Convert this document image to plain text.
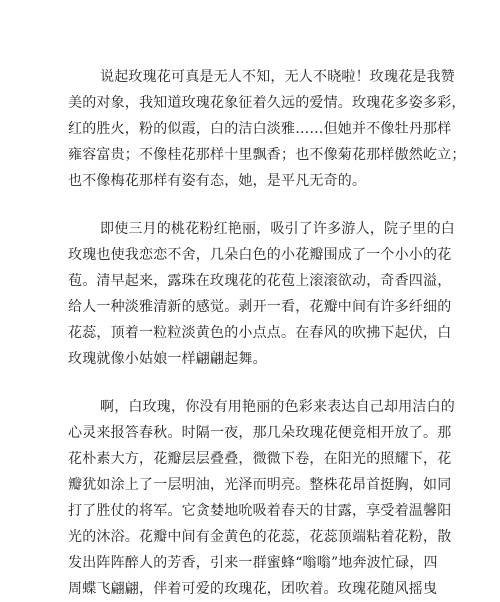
说起玫瑰花可真是无人不知，无人不晓啦！玫瑰花是我赞
美的对象，我知道玫瑰花象征着久远的爱情。玫瑰花多姿多彩，
红的胜火，粉的似霞，白的洁白淡雅……但她并不像牡丹那样
雍容富贵；不像桂花那样十里飘香；也不像菊花那样傲然屹立；
也不像梅花那样有姿有态，她，是平凡无奇的。
即使三月的桃花粉红艳丽，吸引了许多游人，院子里的白
玫瑰也使我恋恋不舍，几朵白色的小花瓣围成了一个小小的花
苞。清早起来，露珠在玫瑰花的花苞上滚滚欲动，奇香四溢，
给人一种淡雅清新的感觉。剥开一看，花瓣中间有许多纤细的
花蕊，顶着一粒粒淡黄色的小点点。在春风的吹拂下起伏，白
玫瑰就像小姑娘一样翩翩起舞。
啊，白玫瑰，你没有用艳丽的色彩来表达自己却用洁白的
心灵来报答春秋。时隔一夜，那几朵玫瑰花便竞相开放了。那
花朴素大方，花瓣层层叠叠，微微下卷，在阳光的照耀下，花
瓣犹如涂上了一层明油，光泽而明亮。整株花昂首挺胸，如同
打了胜仗的将军。它贪婪地吮吸着春天的甘露，享受着温馨阳
光的沐浴。花瓣中间有金黄色的花蕊，花蕊顶端粘着花粉，散
发出阵阵醉人的芳香，引来一群蜜蜂“嗡嗡”地奔波忙碌，四
周蝶飞翩翩，伴着可爱的玫瑰花，团吹着。玫瑰花随风摇曳
